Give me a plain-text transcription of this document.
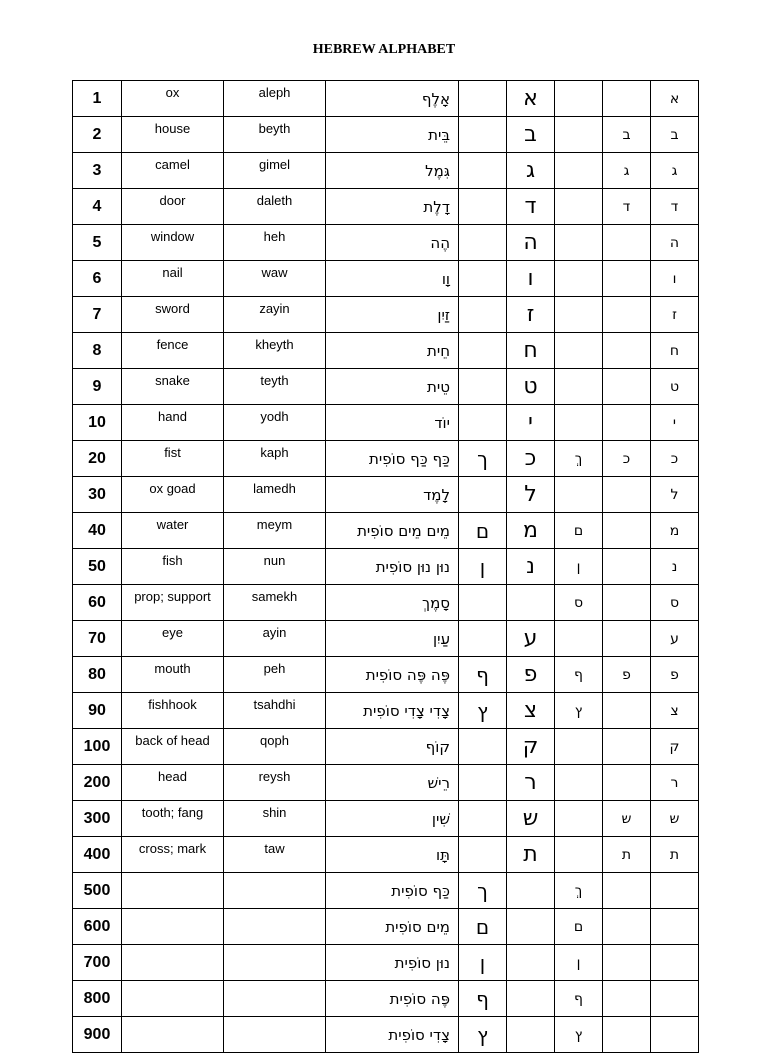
HEBREW ALPHABET
1	ox	aleph	אָלֶף		א			א
2	house	beyth	בֵּית		ב		ב	ב
3	camel	gimel	גִּמֶל		ג		ג	ג
4	door	daleth	דָלֶת		ד		ד	ד
5	window	heh	הֶה		ה			ה
6	nail	waw	וָו		ו			ו
7	sword	zayin	זַיִן		ז			ז
8	fence	kheyth	חֵית		ח			ח
9	snake	teyth	טֵית		ט			ט
10	hand	yodh	יוֹד		י			י
20	fist	kaph	כַּף כַּף סוֹפִית	ך	כ	ךְ	כ	כ
30	ox goad	lamedh	לָמֶד		ל			ל
40	water	meym	מֵים מֵים סוֹפִית	ם	מ	ם		מ
50	fish	nun	נוּן נוּן סוֹפִית	ן	נ	ן		נ
60	prop; support	samekh	סָמֶךְ			ס		ס
70	eye	ayin	עַיִן		ע			ע
80	mouth	peh	פֶּה פֶּה סוֹפִית	ף	פ	ף	פ	פ
90	fishhook	tsahdhi	צָדִי צָדִי סוֹפִית	ץ	צ	ץ		צ
100	back of head	qoph	קוֹף		ק			ק
200	head	reysh	רֵישׁ		ר			ר
300	tooth; fang	shin	שִׁין		ש		ש	ש
400	cross; mark	taw	תָּו		ת		ת	ת
500			כַּף סוֹפִית	ך		ךְ		
600			מֵים סוֹפִית	ם		ם		
700			נוּן סוֹפִית	ן		ן		
800			פֶּה סוֹפִית	ף		ף		
900			צָדִי סוֹפִית	ץ		ץ		
